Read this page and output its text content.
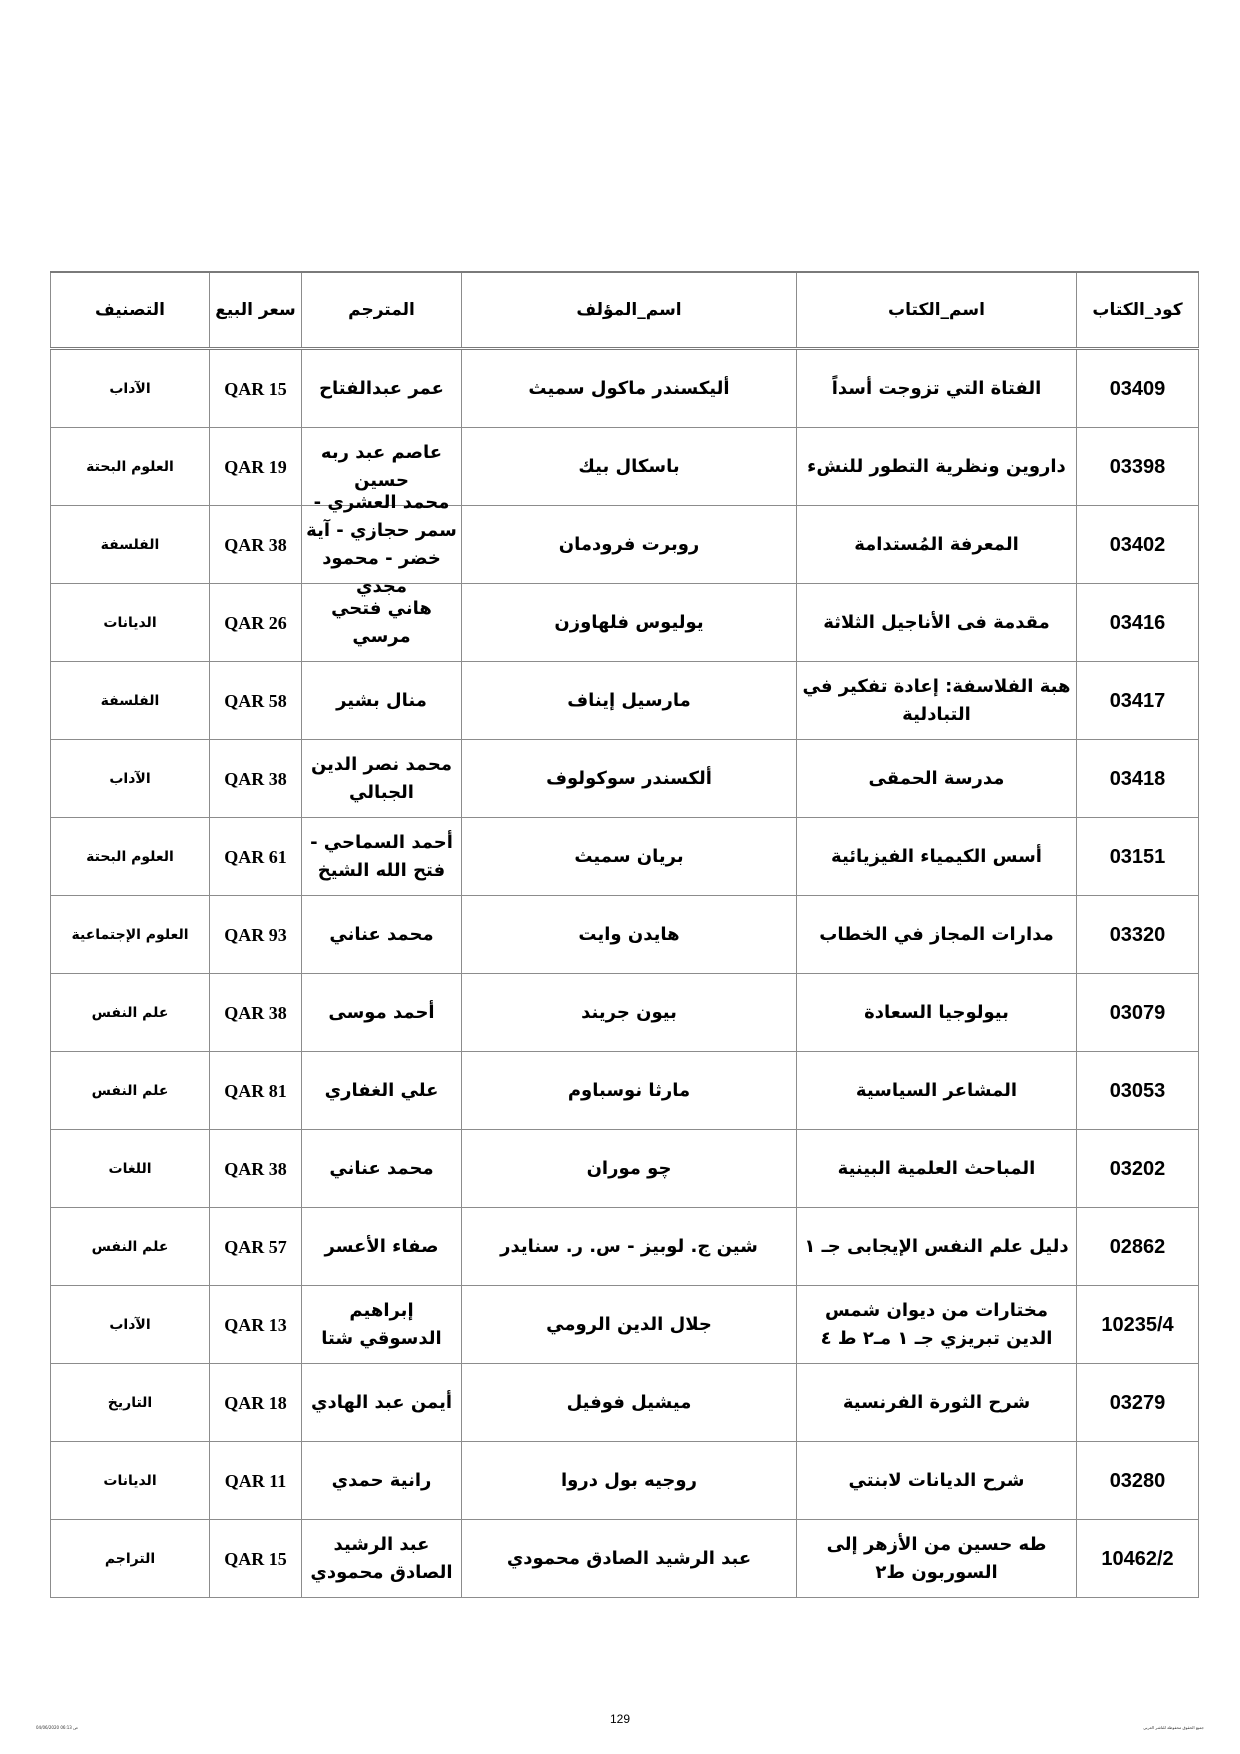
كود_الكتاب	اسم_الكتاب	اسم_المؤلف	المترجم	سعر البيع	التصنيف
03409	الفتاة التي تزوجت أسداً	أليكسندر ماكول سميث	عمر عبدالفتاح	QAR 15	الآداب
03398	داروين ونظرية التطور للنشء	باسكال بيك	عاصم عبد ربه حسين	QAR 19	العلوم البحتة
03402	المعرفة المُستدامة	روبرت فرودمان	محمد العشري - سمر حجازي - آية خضر - محمود مجدي	QAR 38	الفلسفة
03416	مقدمة فى الأناجيل الثلاثة	يوليوس فلهاوزن	هاني فتحي مرسي	QAR 26	الديانات
03417	هبة الفلاسفة: إعادة تفكير في التبادلية	مارسيل إيناف	منال بشير	QAR 58	الفلسفة
03418	مدرسة الحمقى	ألكسندر سوكولوف	محمد نصر الدين الجبالي	QAR 38	الآداب
03151	أسس الكيمياء الفيزيائية	بريان سميث	أحمد السماحي - فتح الله الشيخ	QAR 61	العلوم البحتة
03320	مدارات المجاز في الخطاب	هايدن وايت	محمد عناني	QAR 93	العلوم الإجتماعية
03079	بيولوجيا السعادة	بيون جريند	أحمد موسى	QAR 38	علم النفس
03053	المشاعر السياسية	مارثا نوسباوم	علي الغفاري	QAR 81	علم النفس
03202	المباحث العلمية البينية	چو موران	محمد عناني	QAR 38	اللغات
02862	دليل علم النفس الإيجابى جـ ١	شين ج. لوبيز - س. ر. سنايدر	صفاء الأعسر	QAR 57	علم النفس
10235/4	مختارات من ديوان شمس الدين تبريزي جـ ١ مـ٢ ط ٤	جلال الدين الرومي	إبراهيم الدسوقي شتا	QAR 13	الآداب
03279	شرح الثورة الفرنسية	ميشيل فوفيل	أيمن عبد الهادي	QAR 18	التاريخ
03280	شرح الديانات لابنتي	روجيه بول دروا	رانية حمدي	QAR 11	الديانات
10462/2	طه حسين من الأزهر إلى السوربون ط٢	عبد الرشيد الصادق محمودي	عبد الرشيد الصادق محمودي	QAR 15	التراجم
04/06/2020 06:13 ص
129
جميع الحقوق محفوظة للناشر العربي
